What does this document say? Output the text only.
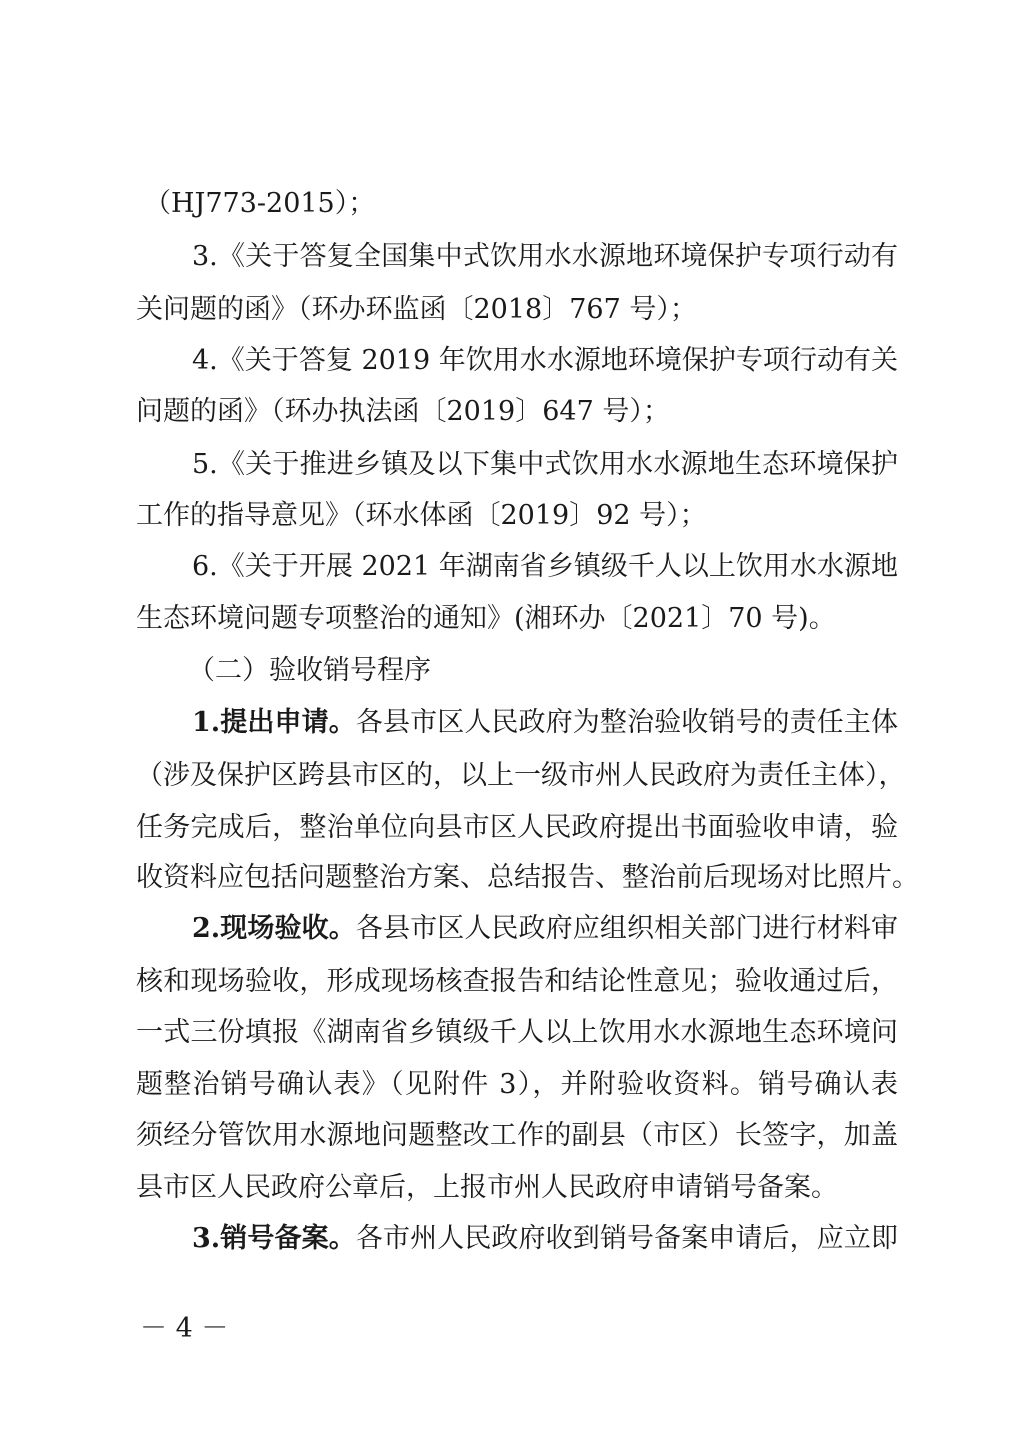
（HJ773-2015）；
3.《关于答复全国集中式饮用水水源地环境保护专项行动有
关问题的函》（环办环监函〔2018〕767 号）；
4.《关于答复 2019 年饮用水水源地环境保护专项行动有关
问题的函》（环办执法函〔2019〕647 号）；
5.《关于推进乡镇及以下集中式饮用水水源地生态环境保护
工作的指导意见》（环水体函〔2019〕92 号）；
6.《关于开展 2021 年湖南省乡镇级千人以上饮用水水源地
生态环境问题专项整治的通知》(湘环办〔2021〕70 号)。
（二）验收销号程序
1.提出申请。各县市区人民政府为整治验收销号的责任主体
（涉及保护区跨县市区的，以上一级市州人民政府为责任主体），
任务完成后，整治单位向县市区人民政府提出书面验收申请，验
收资料应包括问题整治方案、总结报告、整治前后现场对比照片。
2.现场验收。各县市区人民政府应组织相关部门进行材料审
核和现场验收，形成现场核查报告和结论性意见；验收通过后，
一式三份填报《湖南省乡镇级千人以上饮用水水源地生态环境问
题整治销号确认表》（见附件 3），并附验收资料。销号确认表
须经分管饮用水源地问题整改工作的副县（市区）长签字，加盖
县市区人民政府公章后，上报市州人民政府申请销号备案。
3.销号备案。各市州人民政府收到销号备案申请后，应立即
－ 4 －
